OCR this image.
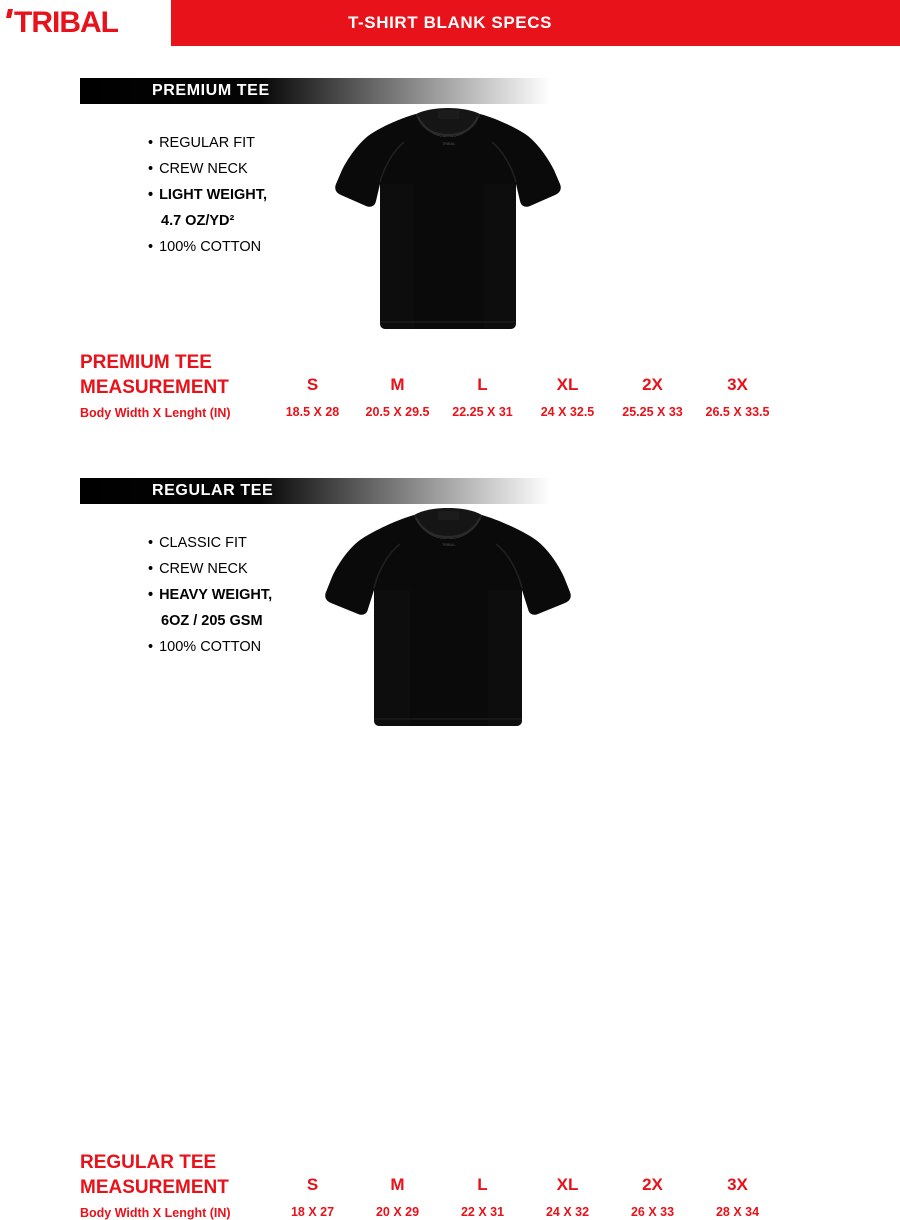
TRIBAL	T-SHIRT BLANK SPECS
PREMIUM TEE
• REGULAR FIT
• CREW NECK
• LIGHT WEIGHT,
4.7 OZ/YD²
• 100% COTTON
TRIBAL
PREMIUM TEE
MEASUREMENT	S	M	L	XL	2X	3X
Body Width X Lenght (IN)	18.5 X 28	20.5 X 29.5	22.25 X 31	24 X 32.5	25.25 X 33	26.5 X 33.5
REGULAR TEE
• CLASSIC FIT
• CREW NECK
• HEAVY WEIGHT,
6OZ / 205 GSM
• 100% COTTON
TRIBAL
REGULAR TEE
MEASUREMENT	S	M	L	XL	2X	3X
Body Width X Lenght (IN)	18 X 27	20 X 29	22 X 31	24 X 32	26 X 33	28 X 34
